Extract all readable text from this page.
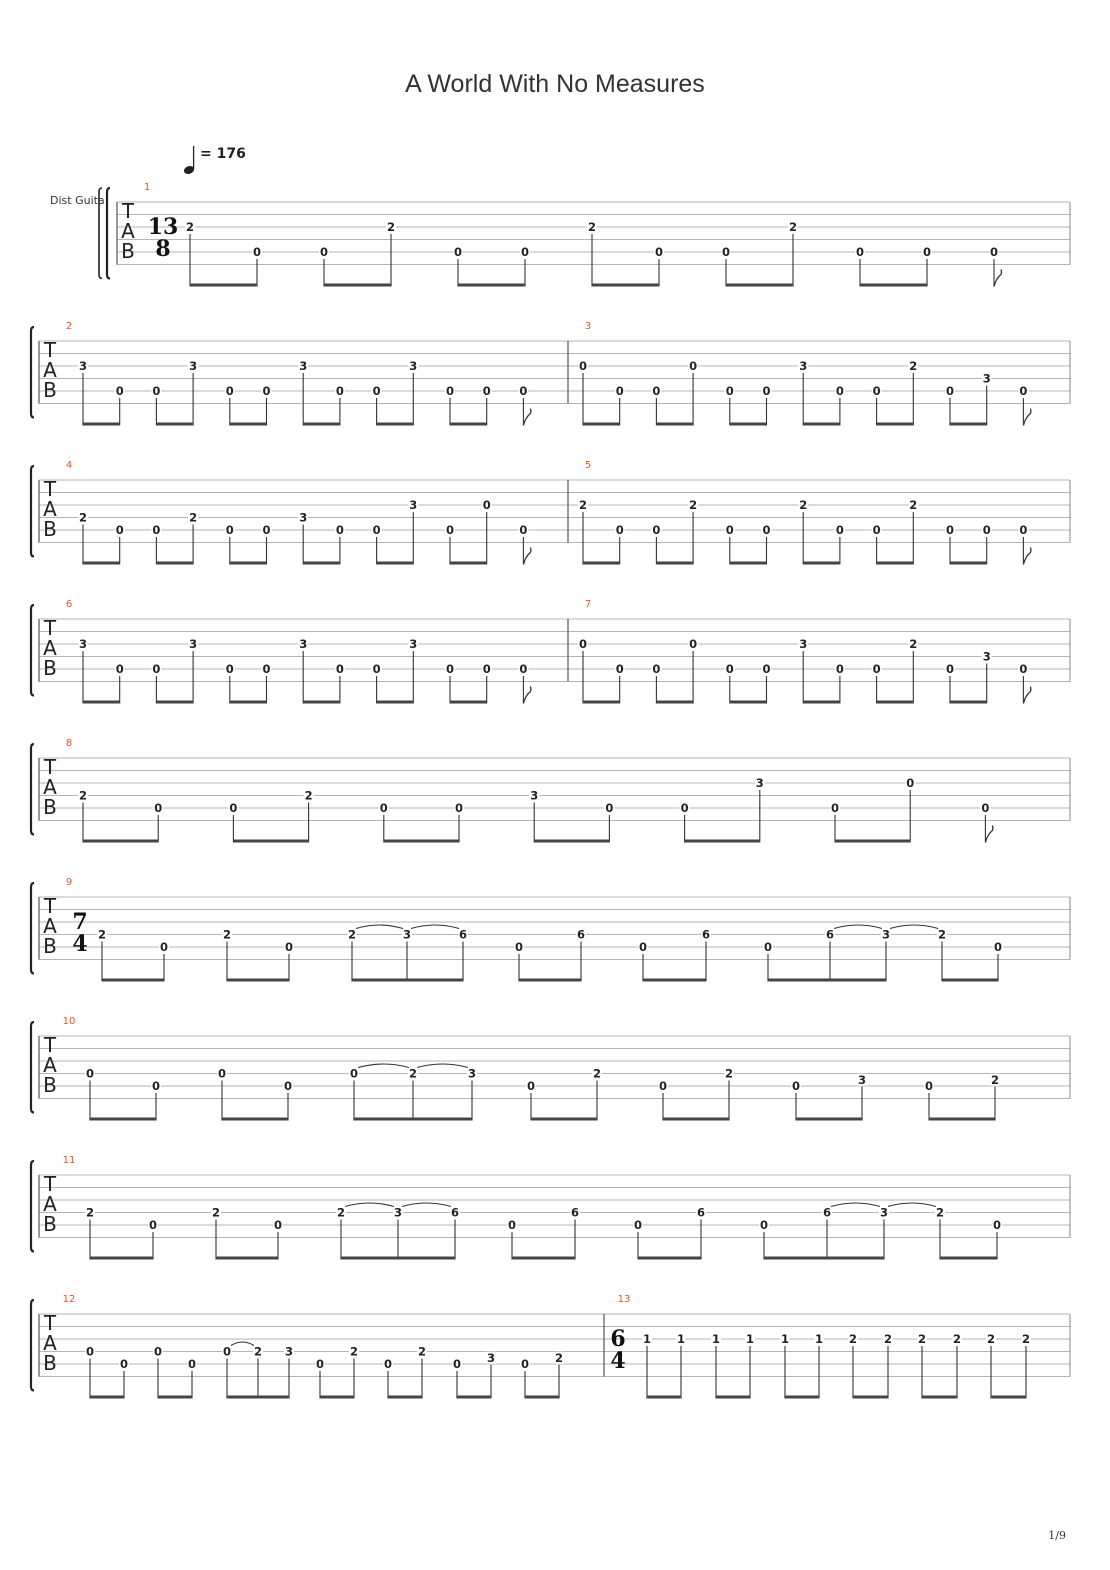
A World With No Measures
= 176
Dist Guita T
A
B
1
13
8
2
0	0
2
0	0
2
0	0
2
0	0	0
T
A
B
2
3
0 0
3
0 0
3
0 0
3
0 0 0
3
0
0 0
0
0 0
3
0 0
2
0
3
0
T
A
B
4
2
0 0
2
0 0
3
0 0
3
0
0
0
5
2
0 0
2
0 0
2
0 0
2
0 0 0
T
A
B
6
3
0 0
3
0 0
3
0 0
3
0 0 0
7
0
0 0
0
0 0
3
0 0
2
0
3
0
T
A
B
8
2
0	0
2
0	0
3
0	0
3
0
0
0
T
A
B
9
7
4 2
0
2
0
2	3	6
0
6
0
6
0
6	3	2
0
T
A
B
10
0
0
0
0
0	2	3
0
2
0
2
0	3	0	2
T
A
B
11
2
0
2
0
2	3	6
0
6
0
6
0
6	3	2
0
T
A
B
12
0
0
0
0
0 2 3
0
2
0
2
0 3 0 2
13
6
4
1 1 1 1 1 1 2 2 2 2 2 2
1/9
